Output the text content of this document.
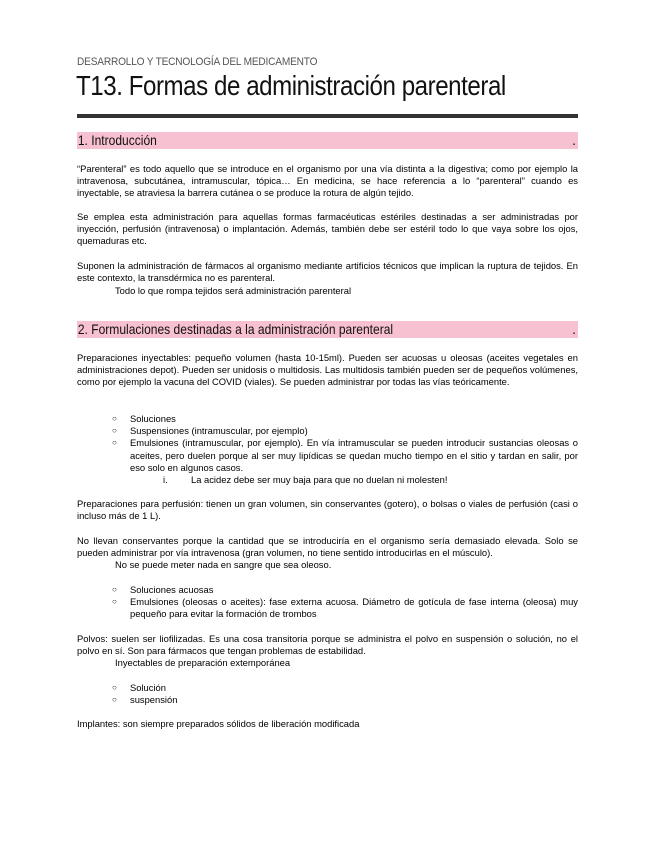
DESARROLLO Y TECNOLOGÍA DEL MEDICAMENTO
T13. Formas de administración parenteral
1. Introducción	.

“Parenteral” es todo aquello que se introduce en el organismo por una vía distinta a la digestiva; como por ejemplo la intravenosa, subcutánea, intramuscular, tópica… En medicina, se hace referencia a lo “parenteral” cuando es inyectable, se atraviesa la barrera cutánea o se produce la rotura de algún tejido.

Se emplea esta administración para aquellas formas farmacéuticas estériles destinadas a ser administradas por inyección, perfusión (intravenosa) o implantación. Además, también debe ser estéril todo lo que vaya sobre los ojos, quemaduras etc.

Suponen la administración de fármacos al organismo mediante artificios técnicos que implican la ruptura de tejidos. En este contexto, la transdérmica no es parenteral.

Todo lo que rompa tejidos será administración parenteral

2. Formulaciones destinadas a la administración parenteral	.

Preparaciones inyectables: pequeño volumen (hasta 10-15ml). Pueden ser acuosas u oleosas (aceites vegetales en administraciones depot). Pueden ser unidosis o multidosis. Las multidosis también pueden ser de pequeños volúmenes, como por ejemplo la vacuna del COVID (viales). Se pueden administrar por todas las vías teóricamente.

○ Soluciones
○ Suspensiones (intramuscular, por ejemplo)
○ Emulsiones (intramuscular, por ejemplo). En vía intramuscular se pueden introducir sustancias oleosas o aceites, pero duelen porque al ser muy lipídicas se quedan mucho tiempo en el sitio y tardan en salir, por eso solo en algunos casos.
i. La acidez debe ser muy baja para que no duelan ni molesten!

Preparaciones para perfusión: tienen un gran volumen, sin conservantes (gotero), o bolsas o viales de perfusión (casi o incluso más de 1 L).

No llevan conservantes porque la cantidad que se introduciría en el organismo sería demasiado elevada. Solo se pueden administrar por vía intravenosa (gran volumen, no tiene sentido introducirlas en el músculo).

No se puede meter nada en sangre que sea oleoso.

○ Soluciones acuosas
○ Emulsiones (oleosas o aceites): fase externa acuosa. Diámetro de gotícula de fase interna (oleosa) muy pequeño para evitar la formación de trombos

Polvos: suelen ser liofilizadas. Es una cosa transitoria porque se administra el polvo en suspensión o solución, no el polvo en sí. Son para fármacos que tengan problemas de estabilidad.

Inyectables de preparación extemporánea

○ Solución
○ suspensión

Implantes: son siempre preparados sólidos de liberación modificada
